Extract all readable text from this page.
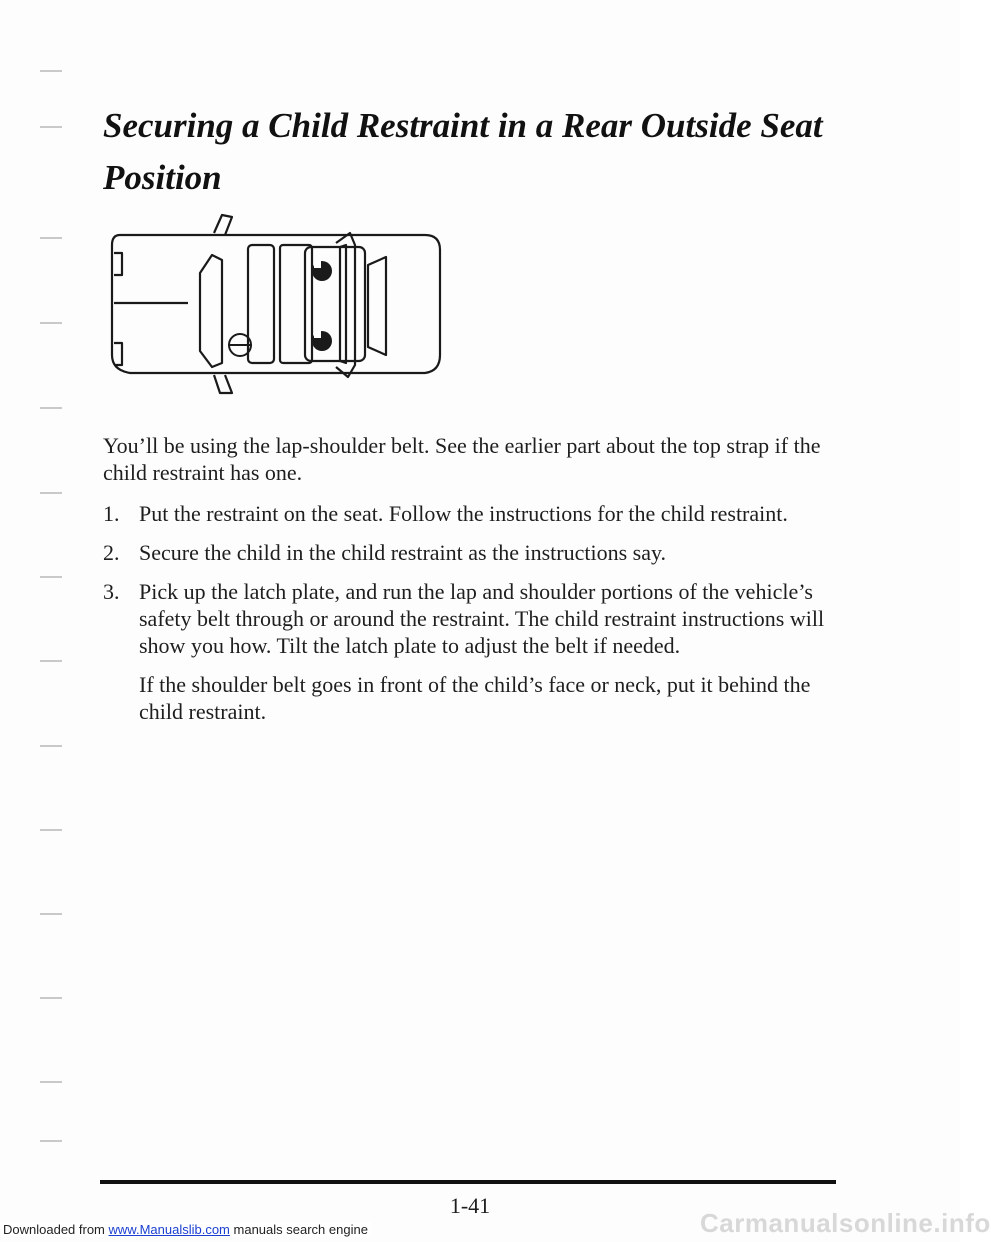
Securing a Child Restraint in a Rear Outside Seat Position

You’ll be using the lap-shoulder belt. See the earlier part about the top strap if the child restraint has one.

1. Put the restraint on the seat. Follow the instructions for the child restraint.
2. Secure the child in the child restraint as the instructions say.
3. Pick up the latch plate, and run the lap and shoulder portions of the vehicle’s safety belt through or around the restraint. The child restraint instructions will show you how. Tilt the latch plate to adjust the belt if needed.

If the shoulder belt goes in front of the child’s face or neck, put it behind the child restraint.

1-41
Downloaded from www.Manualslib.com manuals search engine	Carmanualsonline.info
